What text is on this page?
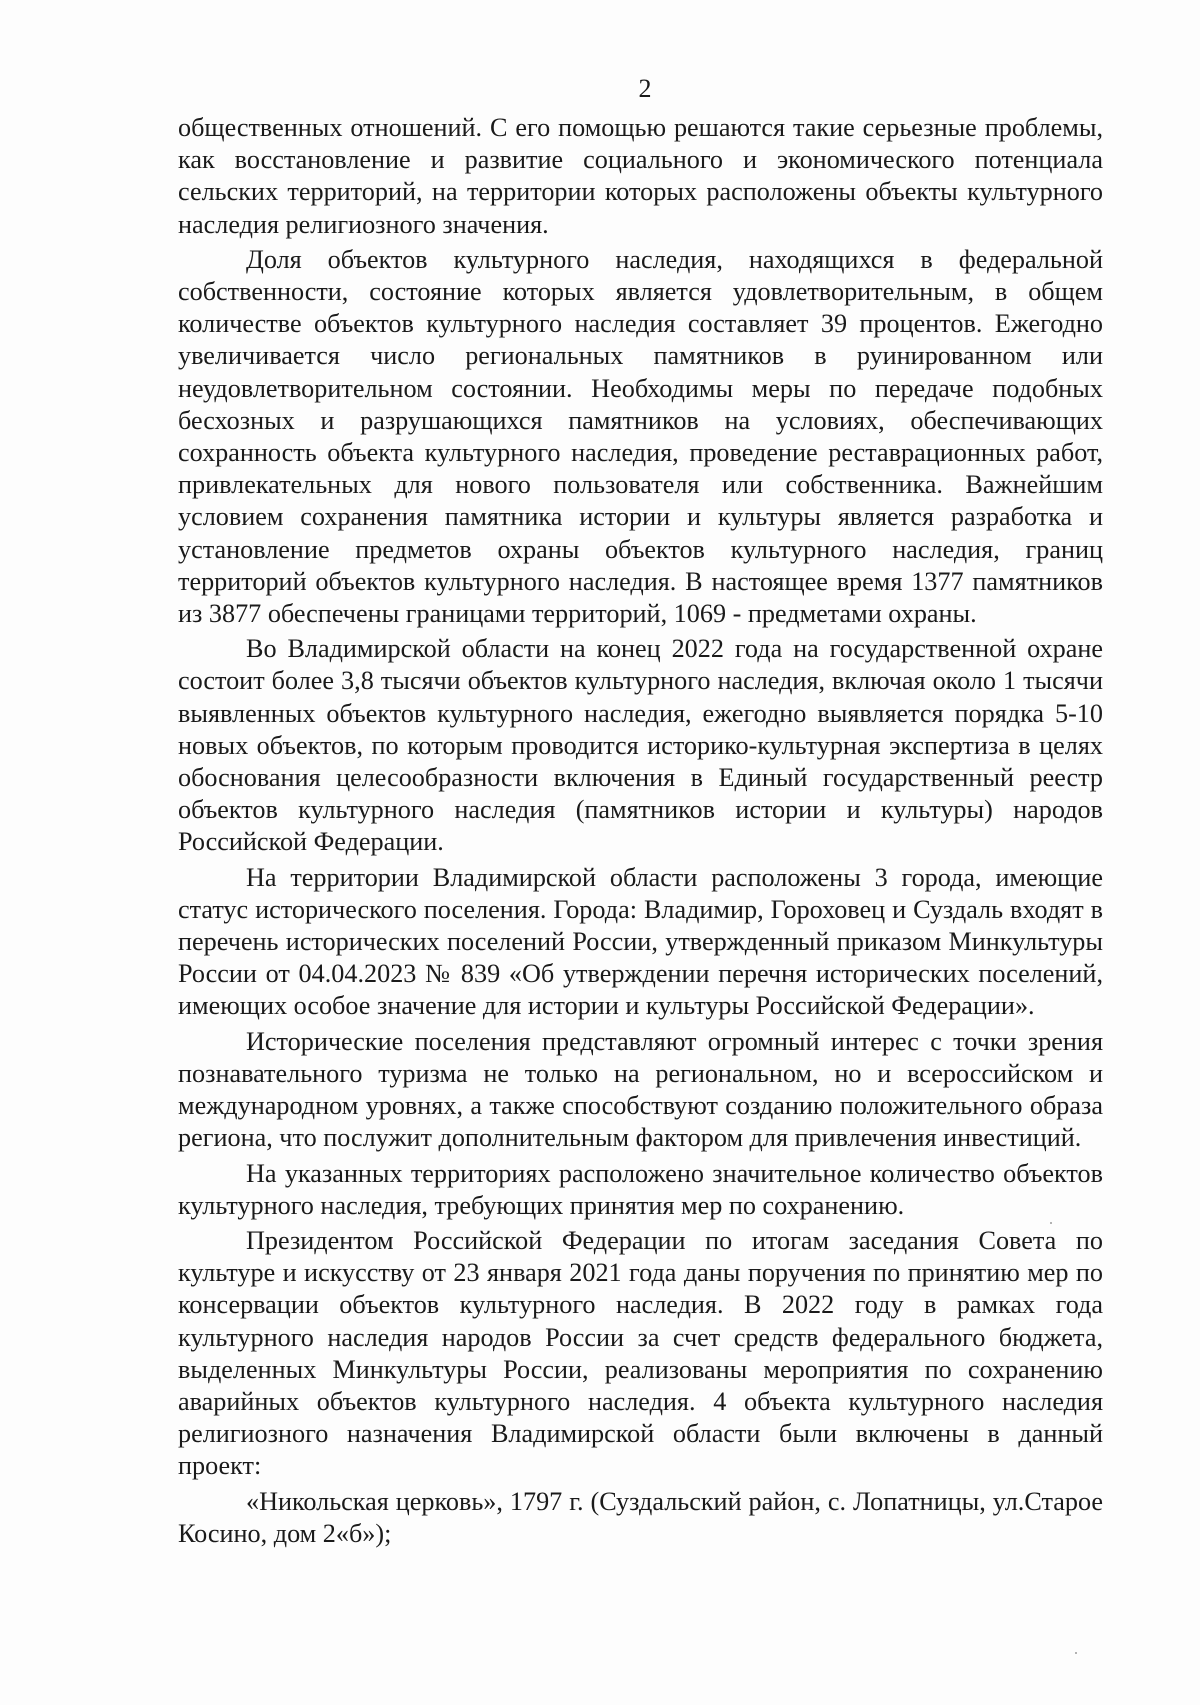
2

общественных отношений. С его помощью решаются такие серьезные проблемы, как восстановление и развитие социального и экономического потенциала сельских территорий, на территории которых расположены объекты культурного наследия религиозного значения.

Доля объектов культурного наследия, находящихся в федеральной собственности, состояние которых является удовлетворительным, в общем количестве объектов культурного наследия составляет 39 процентов. Ежегодно увеличивается число региональных памятников в руинированном или неудовлетворительном состоянии. Необходимы меры по передаче подобных бесхозных и разрушающихся памятников на условиях, обеспечивающих сохранность объекта культурного наследия, проведение реставрационных работ, привлекательных для нового пользователя или собственника. Важнейшим условием сохранения памятника истории и культуры является разработка и установление предметов охраны объектов культурного наследия, границ территорий объектов культурного наследия. В настоящее время 1377 памятников из 3877 обеспечены границами территорий, 1069 - предметами охраны.

Во Владимирской области на конец 2022 года на государственной охране состоит более 3,8 тысячи объектов культурного наследия, включая около 1 тысячи выявленных объектов культурного наследия, ежегодно выявляется порядка 5-10 новых объектов, по которым проводится историко-культурная экспертиза в целях обоснования целесообразности включения в Единый государственный реестр объектов культурного наследия (памятников истории и культуры) народов Российской Федерации.

На территории Владимирской области расположены 3 города, имеющие статус исторического поселения. Города: Владимир, Гороховец и Суздаль входят в перечень исторических поселений России, утвержденный приказом Минкультуры России от 04.04.2023 № 839 «Об утверждении перечня исторических поселений, имеющих особое значение для истории и культуры Российской Федерации».

Исторические поселения представляют огромный интерес с точки зрения познавательного туризма не только на региональном, но и всероссийском и международном уровнях, а также способствуют созданию положительного образа региона, что послужит дополнительным фактором для привлечения инвестиций.

На указанных территориях расположено значительное количество объектов культурного наследия, требующих принятия мер по сохранению.

Президентом Российской Федерации по итогам заседания Совета по культуре и искусству от 23 января 2021 года даны поручения по принятию мер по консервации объектов культурного наследия. В 2022 году в рамках года культурного наследия народов России за счет средств федерального бюджета, выделенных Минкультуры России, реализованы мероприятия по сохранению аварийных объектов культурного наследия. 4 объекта культурного наследия религиозного назначения Владимирской области были включены в данный проект:

«Никольская церковь», 1797 г. (Суздальский район, с. Лопатницы, ул.Старое Косино, дом 2«б»);
